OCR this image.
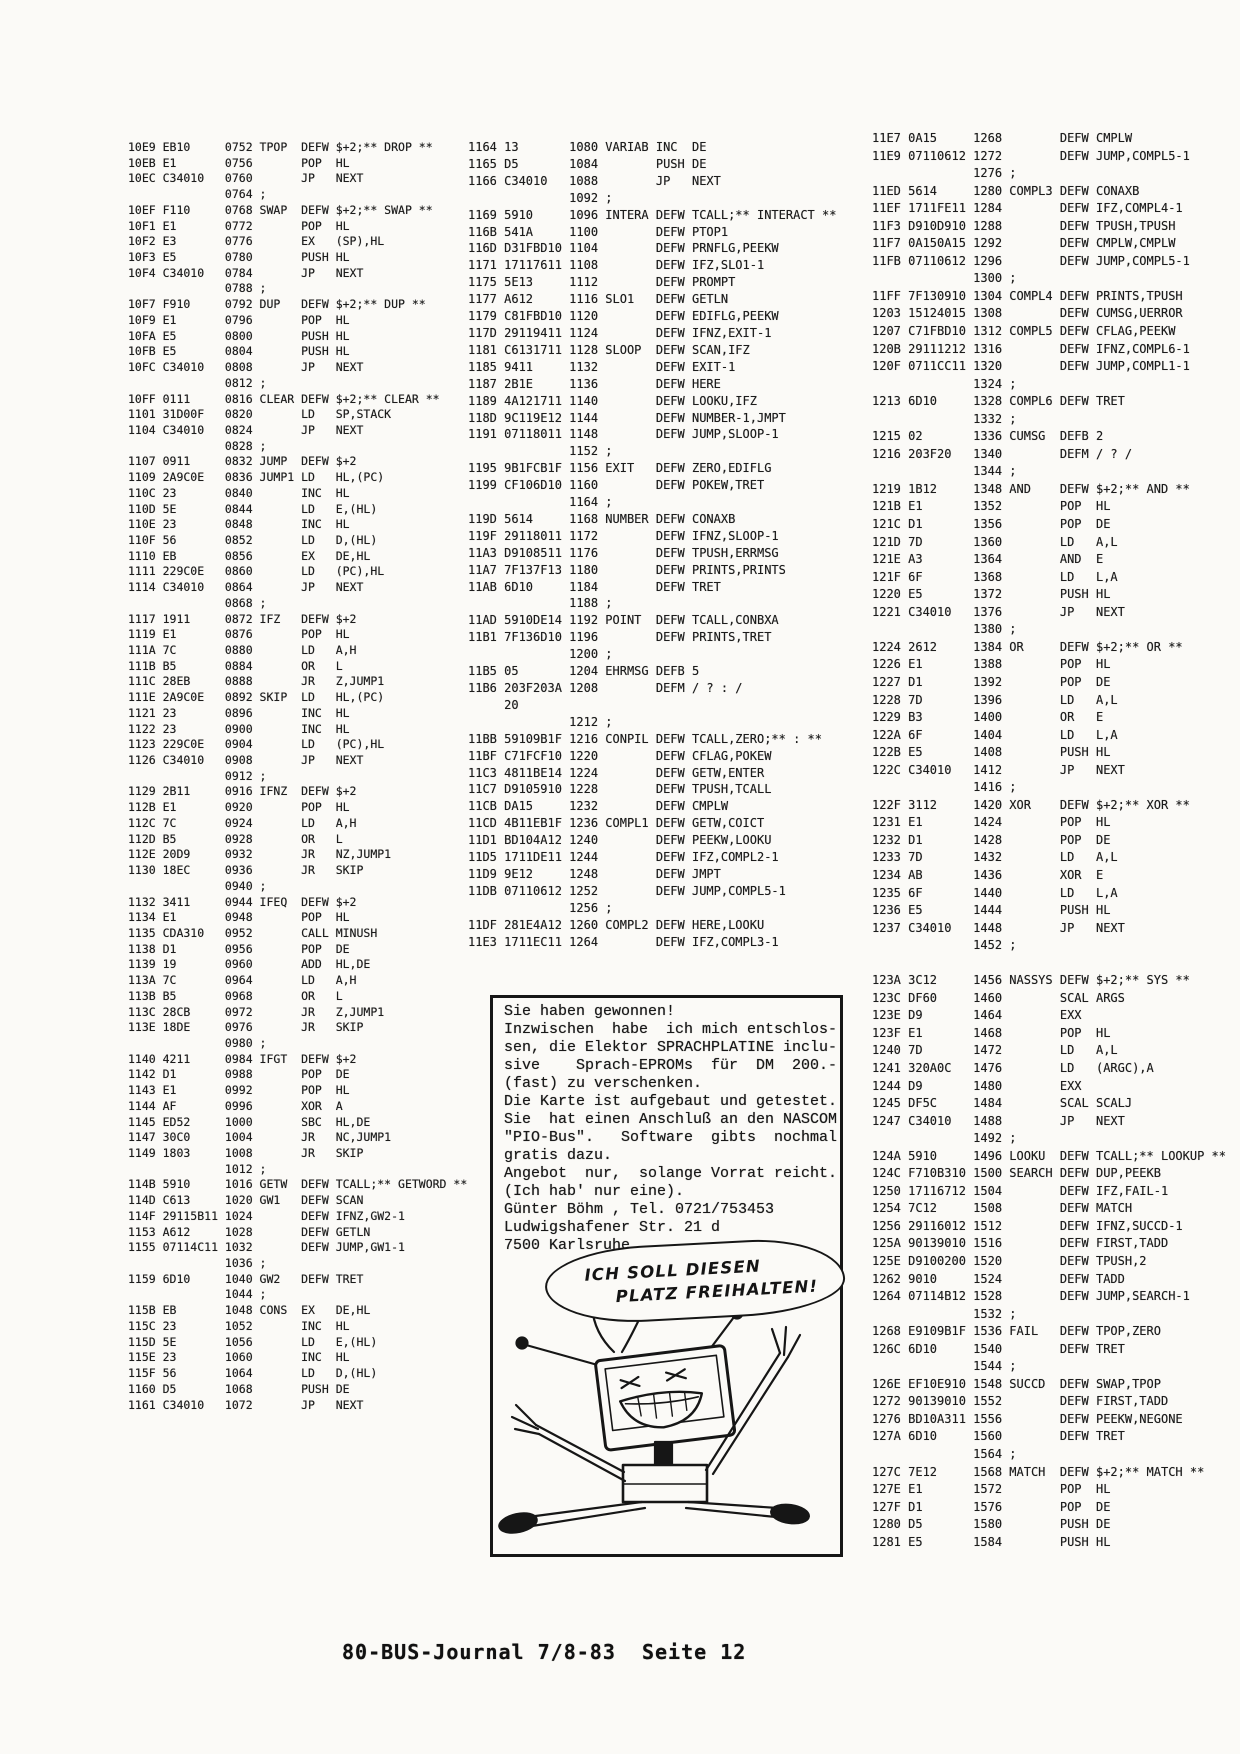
10E9 EB10     0752 TPOP  DEFW $+2;** DROP **
10EB E1       0756       POP  HL
10EC C34010   0760       JP   NEXT
0764 ;
10EF F110     0768 SWAP  DEFW $+2;** SWAP **
10F1 E1       0772       POP  HL
10F2 E3       0776       EX   (SP),HL
10F3 E5       0780       PUSH HL
10F4 C34010   0784       JP   NEXT
0788 ;
10F7 F910     0792 DUP   DEFW $+2;** DUP **
10F9 E1       0796       POP  HL
10FA E5       0800       PUSH HL
10FB E5       0804       PUSH HL
10FC C34010   0808       JP   NEXT
0812 ;
10FF 0111     0816 CLEAR DEFW $+2;** CLEAR **
1101 31D00F   0820       LD   SP,STACK
1104 C34010   0824       JP   NEXT
0828 ;
1107 0911     0832 JUMP  DEFW $+2
1109 2A9C0E   0836 JUMP1 LD   HL,(PC)
110C 23       0840       INC  HL
110D 5E       0844       LD   E,(HL)
110E 23       0848       INC  HL
110F 56       0852       LD   D,(HL)
1110 EB       0856       EX   DE,HL
1111 229C0E   0860       LD   (PC),HL
1114 C34010   0864       JP   NEXT
0868 ;
1117 1911     0872 IFZ   DEFW $+2
1119 E1       0876       POP  HL
111A 7C       0880       LD   A,H
111B B5       0884       OR   L
111C 28EB     0888       JR   Z,JUMP1
111E 2A9C0E   0892 SKIP  LD   HL,(PC)
1121 23       0896       INC  HL
1122 23       0900       INC  HL
1123 229C0E   0904       LD   (PC),HL
1126 C34010   0908       JP   NEXT
0912 ;
1129 2B11     0916 IFNZ  DEFW $+2
112B E1       0920       POP  HL
112C 7C       0924       LD   A,H
112D B5       0928       OR   L
112E 20D9     0932       JR   NZ,JUMP1
1130 18EC     0936       JR   SKIP
0940 ;
1132 3411     0944 IFEQ  DEFW $+2
1134 E1       0948       POP  HL
1135 CDA310   0952       CALL MINUSH
1138 D1       0956       POP  DE
1139 19       0960       ADD  HL,DE
113A 7C       0964       LD   A,H
113B B5       0968       OR   L
113C 28CB     0972       JR   Z,JUMP1
113E 18DE     0976       JR   SKIP
0980 ;
1140 4211     0984 IFGT  DEFW $+2
1142 D1       0988       POP  DE
1143 E1       0992       POP  HL
1144 AF       0996       XOR  A
1145 ED52     1000       SBC  HL,DE
1147 30C0     1004       JR   NC,JUMP1
1149 1803     1008       JR   SKIP
1012 ;
114B 5910     1016 GETW  DEFW TCALL;** GETWORD **
114D C613     1020 GW1   DEFW SCAN
114F 29115B11 1024       DEFW IFNZ,GW2-1
1153 A612     1028       DEFW GETLN
1155 07114C11 1032       DEFW JUMP,GW1-1
1036 ;
1159 6D10     1040 GW2   DEFW TRET
1044 ;
115B EB       1048 CONS  EX   DE,HL
115C 23       1052       INC  HL
115D 5E       1056       LD   E,(HL)
115E 23       1060       INC  HL
115F 56       1064       LD   D,(HL)
1160 D5       1068       PUSH DE
1161 C34010   1072       JP   NEXT
1164 13       1080 VARIAB INC  DE
1165 D5       1084        PUSH DE
1166 C34010   1088        JP   NEXT
1092 ;
1169 5910     1096 INTERA DEFW TCALL;** INTERACT **
116B 541A     1100        DEFW PTOP1
116D D31FBD10 1104        DEFW PRNFLG,PEEKW
1171 17117611 1108        DEFW IFZ,SLO1-1
1175 5E13     1112        DEFW PROMPT
1177 A612     1116 SLO1   DEFW GETLN
1179 C81FBD10 1120        DEFW EDIFLG,PEEKW
117D 29119411 1124        DEFW IFNZ,EXIT-1
1181 C6131711 1128 SLOOP  DEFW SCAN,IFZ
1185 9411     1132        DEFW EXIT-1
1187 2B1E     1136        DEFW HERE
1189 4A121711 1140        DEFW LOOKU,IFZ
118D 9C119E12 1144        DEFW NUMBER-1,JMPT
1191 07118011 1148        DEFW JUMP,SLOOP-1
1152 ;
1195 9B1FCB1F 1156 EXIT   DEFW ZERO,EDIFLG
1199 CF106D10 1160        DEFW POKEW,TRET
1164 ;
119D 5614     1168 NUMBER DEFW CONAXB
119F 29118011 1172        DEFW IFNZ,SLOOP-1
11A3 D9108511 1176        DEFW TPUSH,ERRMSG
11A7 7F137F13 1180        DEFW PRINTS,PRINTS
11AB 6D10     1184        DEFW TRET
1188 ;
11AD 5910DE14 1192 POINT  DEFW TCALL,CONBXA
11B1 7F136D10 1196        DEFW PRINTS,TRET
1200 ;
11B5 05       1204 EHRMSG DEFB 5
11B6 203F203A 1208        DEFM / ? : /
20
1212 ;
11BB 59109B1F 1216 CONPIL DEFW TCALL,ZERO;** : **
11BF C71FCF10 1220        DEFW CFLAG,POKEW
11C3 4811BE14 1224        DEFW GETW,ENTER
11C7 D9105910 1228        DEFW TPUSH,TCALL
11CB DA15     1232        DEFW CMPLW
11CD 4B11EB1F 1236 COMPL1 DEFW GETW,COICT
11D1 BD104A12 1240        DEFW PEEKW,LOOKU
11D5 1711DE11 1244        DEFW IFZ,COMPL2-1
11D9 9E12     1248        DEFW JMPT
11DB 07110612 1252        DEFW JUMP,COMPL5-1
1256 ;
11DF 281E4A12 1260 COMPL2 DEFW HERE,LOOKU
11E3 1711EC11 1264        DEFW IFZ,COMPL3-1
11E7 0A15     1268        DEFW CMPLW
11E9 07110612 1272        DEFW JUMP,COMPL5-1
1276 ;
11ED 5614     1280 COMPL3 DEFW CONAXB
11EF 1711FE11 1284        DEFW IFZ,COMPL4-1
11F3 D910D910 1288        DEFW TPUSH,TPUSH
11F7 0A150A15 1292        DEFW CMPLW,CMPLW
11FB 07110612 1296        DEFW JUMP,COMPL5-1
1300 ;
11FF 7F130910 1304 COMPL4 DEFW PRINTS,TPUSH
1203 15124015 1308        DEFW CUMSG,UERROR
1207 C71FBD10 1312 COMPL5 DEFW CFLAG,PEEKW
120B 29111212 1316        DEFW IFNZ,COMPL6-1
120F 0711CC11 1320        DEFW JUMP,COMPL1-1
1324 ;
1213 6D10     1328 COMPL6 DEFW TRET
1332 ;
1215 02       1336 CUMSG  DEFB 2
1216 203F20   1340        DEFM / ? /
1344 ;
1219 1B12     1348 AND    DEFW $+2;** AND **
121B E1       1352        POP  HL
121C D1       1356        POP  DE
121D 7D       1360        LD   A,L
121E A3       1364        AND  E
121F 6F       1368        LD   L,A
1220 E5       1372        PUSH HL
1221 C34010   1376        JP   NEXT
1380 ;
1224 2612     1384 OR     DEFW $+2;** OR **
1226 E1       1388        POP  HL
1227 D1       1392        POP  DE
1228 7D       1396        LD   A,L
1229 B3       1400        OR   E
122A 6F       1404        LD   L,A
122B E5       1408        PUSH HL
122C C34010   1412        JP   NEXT
1416 ;
122F 3112     1420 XOR    DEFW $+2;** XOR **
1231 E1       1424        POP  HL
1232 D1       1428        POP  DE
1233 7D       1432        LD   A,L
1234 AB       1436        XOR  E
1235 6F       1440        LD   L,A
1236 E5       1444        PUSH HL
1237 C34010   1448        JP   NEXT
1452 ;
123A 3C12     1456 NASSYS DEFW $+2;** SYS **
123C DF60     1460        SCAL ARGS
123E D9       1464        EXX
123F E1       1468        POP  HL
1240 7D       1472        LD   A,L
1241 320A0C   1476        LD   (ARGC),A
1244 D9       1480        EXX
1245 DF5C     1484        SCAL SCALJ
1247 C34010   1488        JP   NEXT
1492 ;
124A 5910     1496 LOOKU  DEFW TCALL;** LOOKUP **
124C F710B310 1500 SEARCH DEFW DUP,PEEKB
1250 17116712 1504        DEFW IFZ,FAIL-1
1254 7C12     1508        DEFW MATCH
1256 29116012 1512        DEFW IFNZ,SUCCD-1
125A 90139010 1516        DEFW FIRST,TADD
125E D9100200 1520        DEFW TPUSH,2
1262 9010     1524        DEFW TADD
1264 07114B12 1528        DEFW JUMP,SEARCH-1
1532 ;
1268 E9109B1F 1536 FAIL   DEFW TPOP,ZERO
126C 6D10     1540        DEFW TRET
1544 ;
126E EF10E910 1548 SUCCD  DEFW SWAP,TPOP
1272 90139010 1552        DEFW FIRST,TADD
1276 BD10A311 1556        DEFW PEEKW,NEGONE
127A 6D10     1560        DEFW TRET
1564 ;
127C 7E12     1568 MATCH  DEFW $+2;** MATCH **
127E E1       1572        POP  HL
127F D1       1576        POP  DE
1280 D5       1580        PUSH DE
1281 E5       1584        PUSH HL
Sie haben gewonnen!
Inzwischen  habe  ich mich entschlos-
sen, die Elektor SPRACHPLATINE inclu-
sive    Sprach-EPROMs  für  DM  200.-
(fast) zu verschenken.
Die Karte ist aufgebaut und getestet.
Sie  hat einen Anschluß an den NASCOM
"PIO-Bus".   Software  gibts  nochmal
gratis dazu.
Angebot  nur,  solange Vorrat reicht.
(Ich hab' nur eine).
Günter Böhm , Tel. 0721/753453
Ludwigshafener Str. 21 d
7500 Karlsruhe
ICH SOLL DIESEN
PLATZ FREIHALTEN!
80-BUS-Journal 7/8-83  Seite 12
